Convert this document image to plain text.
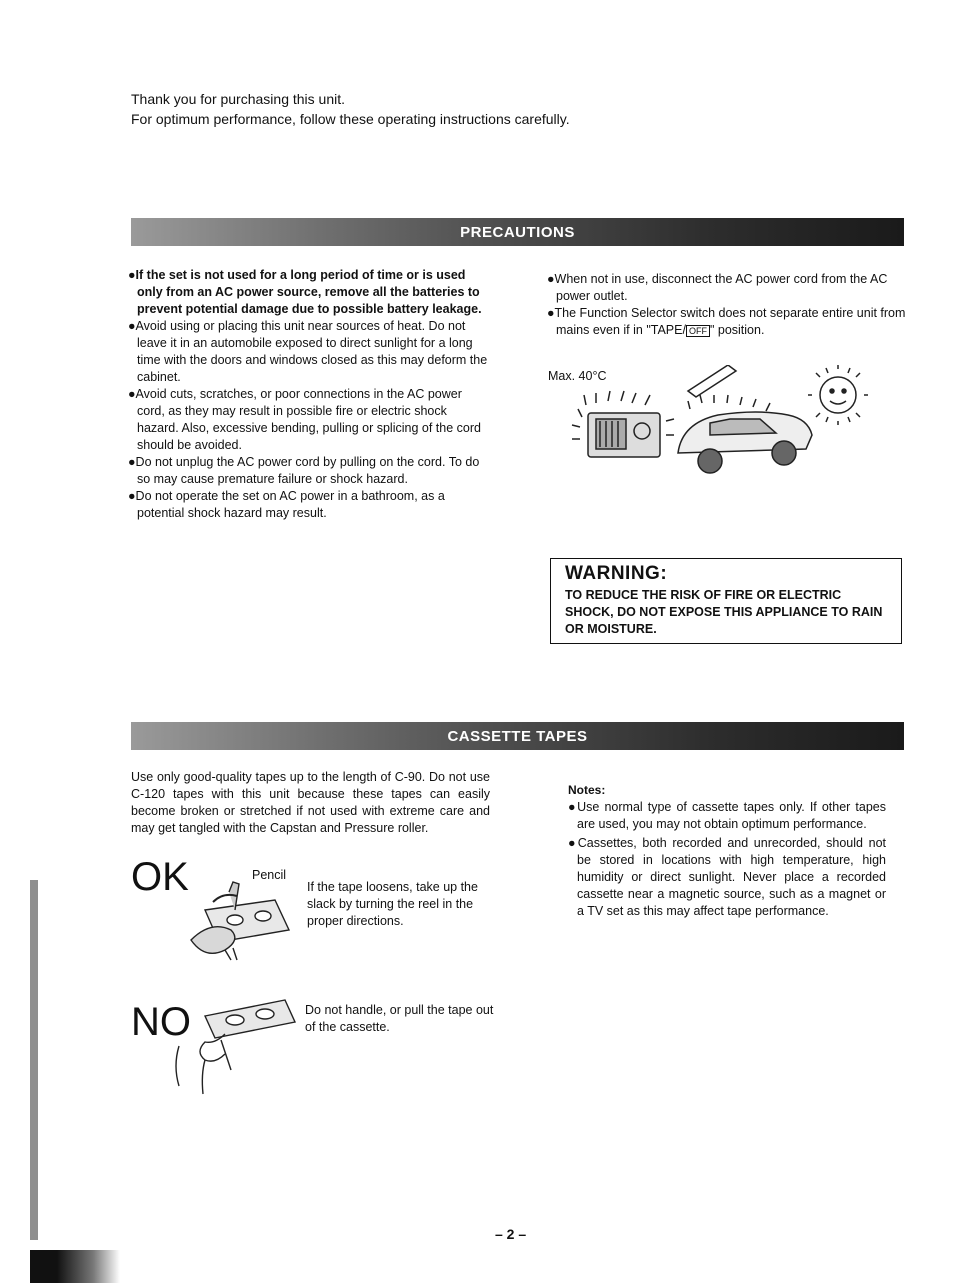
Thank you for purchasing this unit.
For optimum performance, follow these operating instructions carefully.
PRECAUTIONS

●If the set is not used for a long period of time or is used only from an AC power source, remove all the batteries to prevent potential damage due to possible battery leakage.

●Avoid using or placing this unit near sources of heat. Do not leave it in an automobile exposed to direct sunlight for a long time with the doors and windows closed as this may deform the cabinet.

●Avoid cuts, scratches, or poor connections in the AC power cord, as they may result in possible fire or electric shock hazard. Also, excessive bending, pulling or splicing of the cord should be avoided.

●Do not unplug the AC power cord by pulling on the cord. To do so may cause premature failure or shock hazard.

●Do not operate the set on AC power in a bathroom, as a potential shock hazard may result.

●When not in use, disconnect the AC power cord from the AC power outlet.

●The Function Selector switch does not separate entire unit from mains even if in "TAPE/ OFF " position.

Max. 40°C
WARNING:
TO REDUCE THE RISK OF FIRE OR ELECTRIC SHOCK, DO NOT EXPOSE THIS APPLIANCE TO RAIN OR MOISTURE.
CASSETTE TAPES
Use only good-quality tapes up to the length of C-90. Do not use C-120 tapes with this unit because these tapes can easily become broken or stretched if not used with extreme care and may get tangled with the Capstan and Pressure roller.
OK	Pencil
If the tape loosens, take up the slack by turning the reel in the proper directions.
NO	Do not handle, or pull the tape out of the cassette.

Notes:

●Use normal type of cassette tapes only. If other tapes are used, you may not obtain optimum performance.

●Cassettes, both recorded and unrecorded, should not be stored in locations with high temperature, high humidity or direct sunlight. Never place a recorded cassette near a magnetic source, such as a magnet or a TV set as this may affect tape performance.

– 2 –
